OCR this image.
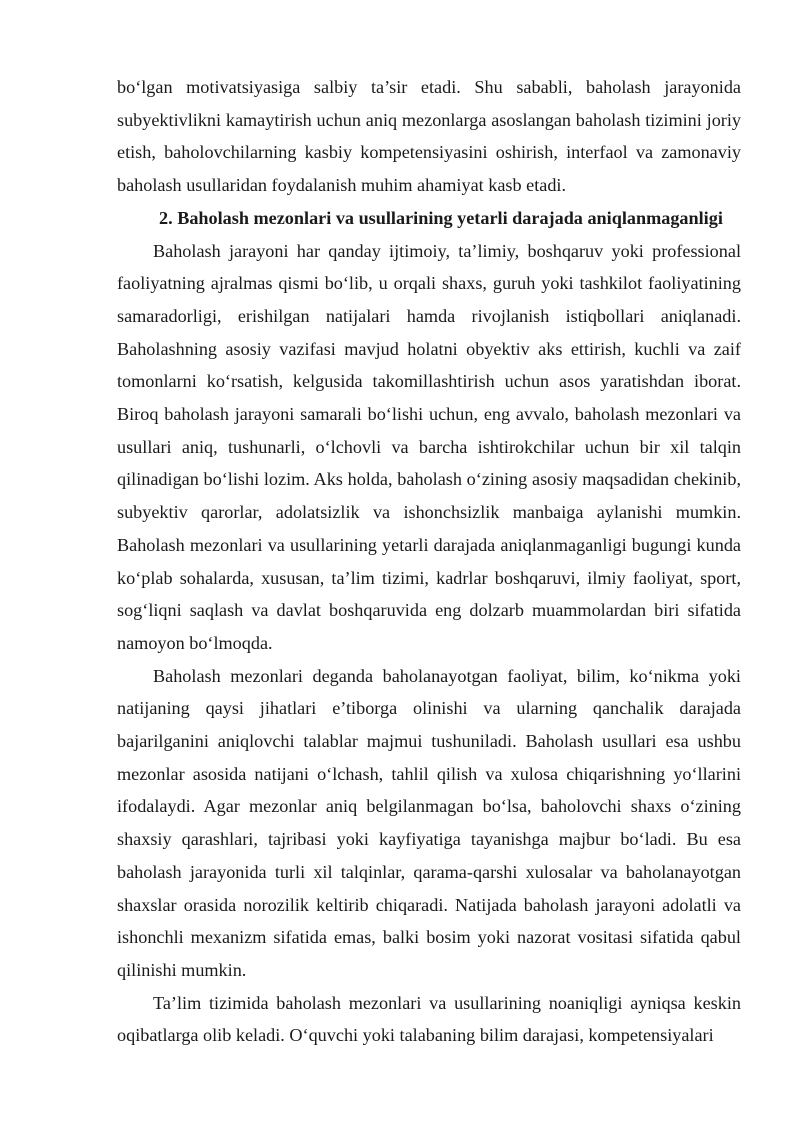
bo‘lgan motivatsiyasiga salbiy ta’sir etadi. Shu sababli, baholash jarayonida subyektivlikni kamaytirish uchun aniq mezonlarga asoslangan baholash tizimini joriy etish, baholovchilarning kasbiy kompetensiyasini oshirish, interfaol va zamonaviy baholash usullaridan foydalanish muhim ahamiyat kasb etadi.

2. Baholash mezonlari va usullarining yetarli darajada aniqlanmaganligi

Baholash jarayoni har qanday ijtimoiy, ta’limiy, boshqaruv yoki professional faoliyatning ajralmas qismi bo‘lib, u orqali shaxs, guruh yoki tashkilot faoliyatining samaradorligi, erishilgan natijalari hamda rivojlanish istiqbollari aniqlanadi. Baholashning asosiy vazifasi mavjud holatni obyektiv aks ettirish, kuchli va zaif tomonlarni ko‘rsatish, kelgusida takomillashtirish uchun asos yaratishdan iborat. Biroq baholash jarayoni samarali bo‘lishi uchun, eng avvalo, baholash mezonlari va usullari aniq, tushunarli, o‘lchovli va barcha ishtirokchilar uchun bir xil talqin qilinadigan bo‘lishi lozim. Aks holda, baholash o‘zining asosiy maqsadidan chekinib, subyektiv qarorlar, adolatsizlik va ishonchsizlik manbaiga aylanishi mumkin. Baholash mezonlari va usullarining yetarli darajada aniqlanmaganligi bugungi kunda ko‘plab sohalarda, xususan, ta’lim tizimi, kadrlar boshqaruvi, ilmiy faoliyat, sport, sog‘liqni saqlash va davlat boshqaruvida eng dolzarb muammolardan biri sifatida namoyon bo‘lmoqda.

Baholash mezonlari deganda baholanayotgan faoliyat, bilim, ko‘nikma yoki natijaning qaysi jihatlari e’tiborga olinishi va ularning qanchalik darajada bajarilganini aniqlovchi talablar majmui tushuniladi. Baholash usullari esa ushbu mezonlar asosida natijani o‘lchash, tahlil qilish va xulosa chiqarishning yo‘llarini ifodalaydi. Agar mezonlar aniq belgilanmagan bo‘lsa, baholovchi shaxs o‘zining shaxsiy qarashlari, tajribasi yoki kayfiyatiga tayanishga majbur bo‘ladi. Bu esa baholash jarayonida turli xil talqinlar, qarama-qarshi xulosalar va baholanayotgan shaxslar orasida norozilik keltirib chiqaradi. Natijada baholash jarayoni adolatli va ishonchli mexanizm sifatida emas, balki bosim yoki nazorat vositasi sifatida qabul qilinishi mumkin.

Ta’lim tizimida baholash mezonlari va usullarining noaniqligi ayniqsa keskin oqibatlarga olib keladi. O‘quvchi yoki talabaning bilim darajasi, kompetensiyalari
